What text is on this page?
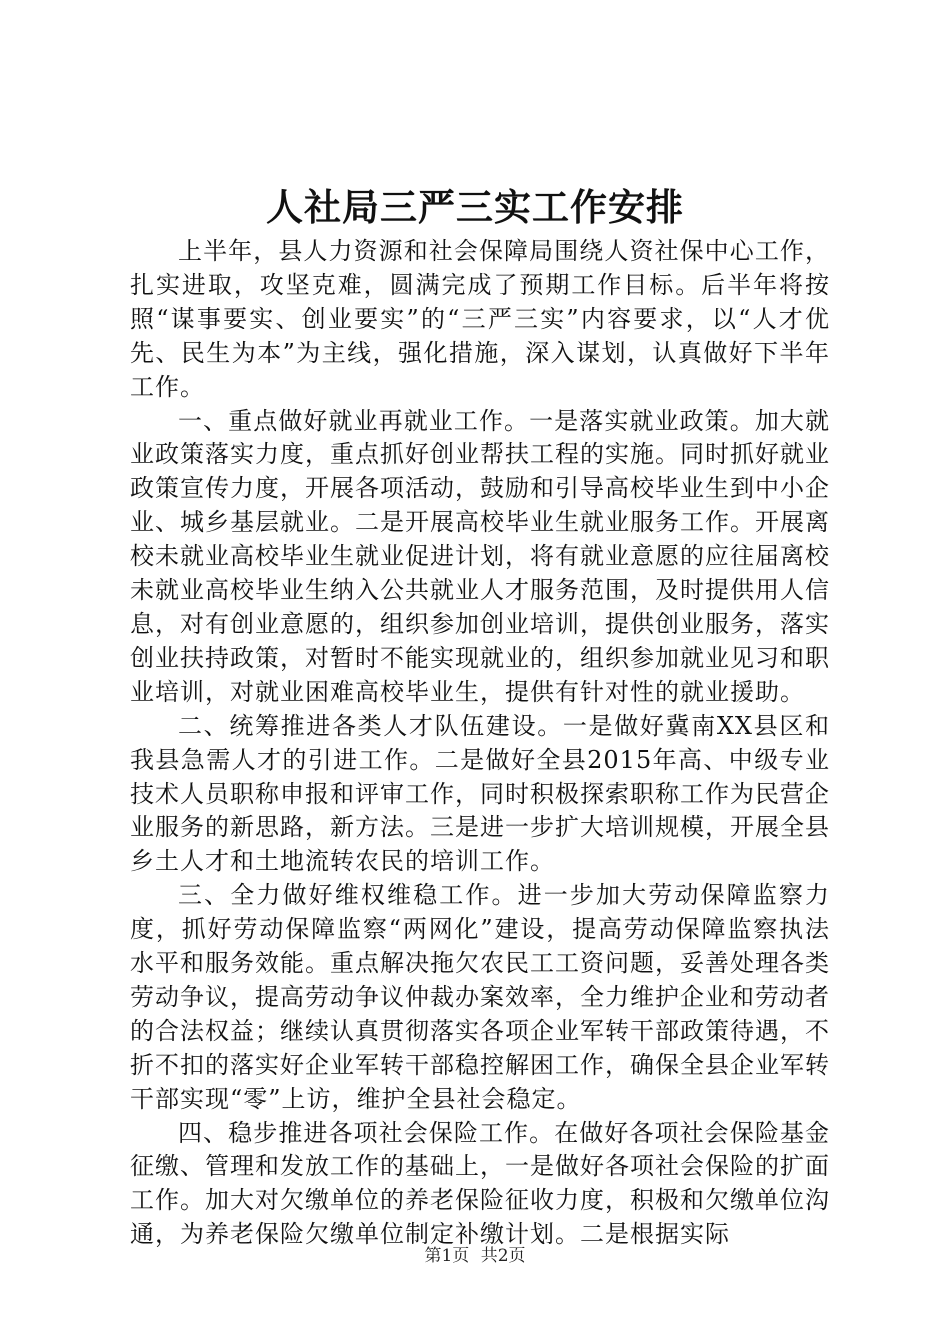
人社局三严三实工作安排

上半年，县人力资源和社会保障局围绕人资社保中心工作，扎实进取，攻坚克难，圆满完成了预期工作目标。后半年将按照“谋事要实、创业要实”的“三严三实”内容要求，以“人才优先、民生为本”为主线，强化措施，深入谋划，认真做好下半年工作。

一、重点做好就业再就业工作。一是落实就业政策。加大就业政策落实力度，重点抓好创业帮扶工程的实施。同时抓好就业政策宣传力度，开展各项活动，鼓励和引导高校毕业生到中小企业、城乡基层就业。二是开展高校毕业生就业服务工作。开展离校未就业高校毕业生就业促进计划，将有就业意愿的应往届离校未就业高校毕业生纳入公共就业人才服务范围，及时提供用人信息，对有创业意愿的，组织参加创业培训，提供创业服务，落实创业扶持政策，对暂时不能实现就业的，组织参加就业见习和职业培训，对就业困难高校毕业生，提供有针对性的就业援助。

二、统筹推进各类人才队伍建设。一是做好冀南XX县区和我县急需人才的引进工作。二是做好全县2015年高、中级专业技术人员职称申报和评审工作，同时积极探索职称工作为民营企业服务的新思路，新方法。三是进一步扩大培训规模，开展全县乡土人才和土地流转农民的培训工作。

三、全力做好维权维稳工作。进一步加大劳动保障监察力度，抓好劳动保障监察“两网化”建设，提高劳动保障监察执法水平和服务效能。重点解决拖欠农民工工资问题，妥善处理各类劳动争议，提高劳动争议仲裁办案效率，全力维护企业和劳动者的合法权益；继续认真贯彻落实各项企业军转干部政策待遇，不折不扣的落实好企业军转干部稳控解困工作，确保全县企业军转干部实现“零”上访，维护全县社会稳定。

四、稳步推进各项社会保险工作。在做好各项社会保险基金征缴、管理和发放工作的基础上，一是做好各项社会保险的扩面工作。加大对欠缴单位的养老保险征收力度，积极和欠缴单位沟通，为养老保险欠缴单位制定补缴计划。二是根据实际

第1页 共2页
